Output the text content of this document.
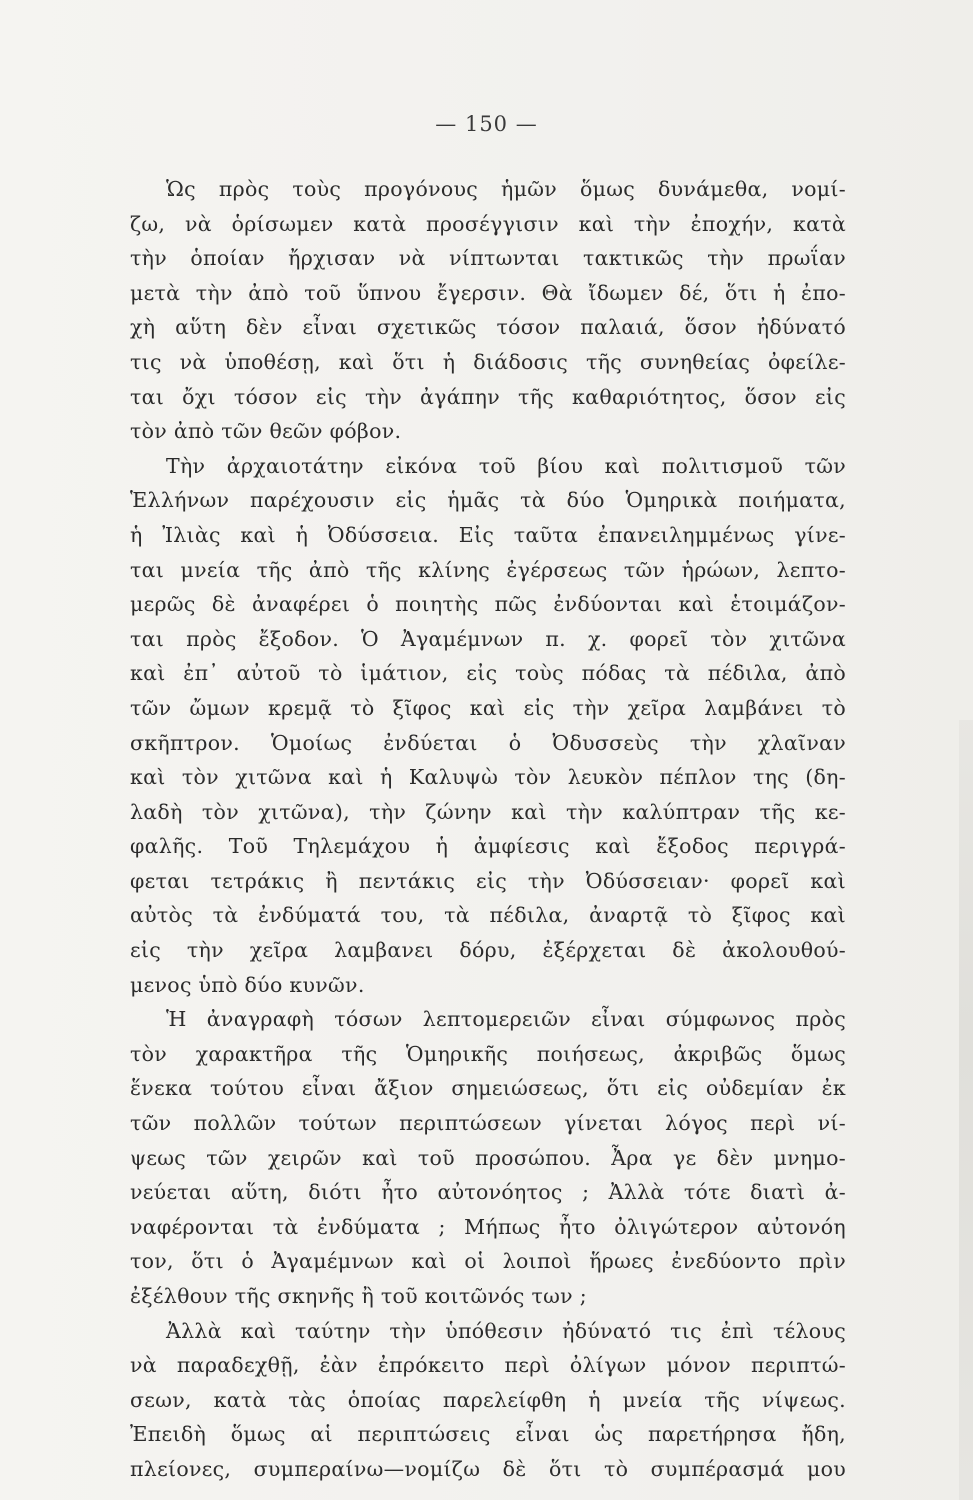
— 150 —
Ὡς πρὸς τοὺς προγόνους ἡμῶν ὅμως δυνάμεθα, νομί-
ζω, νὰ ὁρίσωμεν κατὰ προσέγγισιν καὶ τὴν ἐποχήν, κατὰ
τὴν ὁποίαν ἤρχισαν νὰ νίπτωνται τακτικῶς τὴν πρωΐαν
μετὰ τὴν ἀπὸ τοῦ ὕπνου ἔγερσιν. Θὰ ἴδωμεν δέ, ὅτι ἡ ἐπο-
χὴ αὕτη δὲν εἶναι σχετικῶς τόσον παλαιά, ὅσον ἠδύνατό
τις νὰ ὑποθέσῃ, καὶ ὅτι ἡ διάδοσις τῆς συνηθείας ὀφείλε-
ται ὄχι τόσον εἰς τὴν ἀγάπην τῆς καθαριότητος, ὅσον εἰς
τὸν ἀπὸ τῶν θεῶν φόβον.
Τὴν ἀρχαιοτάτην εἰκόνα τοῦ βίου καὶ πολιτισμοῦ τῶν
Ἑλλήνων παρέχουσιν εἰς ἡμᾶς τὰ δύο Ὁμηρικὰ ποιήματα,
ἡ Ἰλιὰς καὶ ἡ Ὀδύσσεια. Εἰς ταῦτα ἐπανειλημμένως γίνε-
ται μνεία τῆς ἀπὸ τῆς κλίνης ἐγέρσεως τῶν ἡρώων, λεπτο-
μερῶς δὲ ἀναφέρει ὁ ποιητὴς πῶς ἐνδύονται καὶ ἑτοιμάζον-
ται πρὸς ἔξοδον. Ὁ Ἀγαμέμνων π. χ. φορεῖ τὸν χιτῶνα
καὶ ἐπ᾽ αὐτοῦ τὸ ἱμάτιον, εἰς τοὺς πόδας τὰ πέδιλα, ἀπὸ
τῶν ὤμων κρεμᾷ τὸ ξῖφος καὶ εἰς τὴν χεῖρα λαμβάνει τὸ
σκῆπτρον. Ὁμοίως ἐνδύεται ὁ Ὀδυσσεὺς τὴν χλαῖναν
καὶ τὸν χιτῶνα καὶ ἡ Καλυψὼ τὸν λευκὸν πέπλον της (δη-
λαδὴ τὸν χιτῶνα), τὴν ζώνην καὶ τὴν καλύπτραν τῆς κε-
φαλῆς. Τοῦ Τηλεμάχου ἡ ἀμφίεσις καὶ ἔξοδος περιγρά-
φεται τετράκις ἢ πεντάκις εἰς τὴν Ὀδύσσειαν· φορεῖ καὶ
αὐτὸς τὰ ἐνδύματά του, τὰ πέδιλα, ἀναρτᾷ τὸ ξῖφος καὶ
εἰς τὴν χεῖρα λαμβανει δόρυ, ἐξέρχεται δὲ ἀκολουθού-
μενος ὑπὸ δύο κυνῶν.
Ἡ ἀναγραφὴ τόσων λεπτομερειῶν εἶναι σύμφωνος πρὸς
τὸν χαρακτῆρα τῆς Ὁμηρικῆς ποιήσεως, ἀκριβῶς ὅμως
ἕνεκα τούτου εἶναι ἄξιον σημειώσεως, ὅτι εἰς οὐδεμίαν ἐκ
τῶν πολλῶν τούτων περιπτώσεων γίνεται λόγος περὶ νί-
ψεως τῶν χειρῶν καὶ τοῦ προσώπου. Ἆρα γε δὲν μνημο-
νεύεται αὕτη, διότι ἦτο αὐτονόητος ; Ἀλλὰ τότε διατὶ ἀ-
ναφέρονται τὰ ἐνδύματα ; Μήπως ἦτο ὀλιγώτερον αὐτονόη
τον, ὅτι ὁ Ἀγαμέμνων καὶ οἱ λοιποὶ ἥρωες ἐνεδύοντο πρὶν
ἐξέλθουν τῆς σκηνῆς ἢ τοῦ κοιτῶνός των ;
Ἀλλὰ καὶ ταύτην τὴν ὑπόθεσιν ἠδύνατό τις ἐπὶ τέλους
νὰ παραδεχθῇ, ἐὰν ἐπρόκειτο περὶ ὀλίγων μόνον περιπτώ-
σεων, κατὰ τὰς ὁποίας παρελείφθη ἡ μνεία τῆς νίψεως.
Ἐπειδὴ ὅμως αἱ περιπτώσεις εἶναι ὡς παρετήρησα ἤδη,
πλείονες, συμπεραίνω—νομίζω δὲ ὅτι τὸ συμπέρασμά μου
